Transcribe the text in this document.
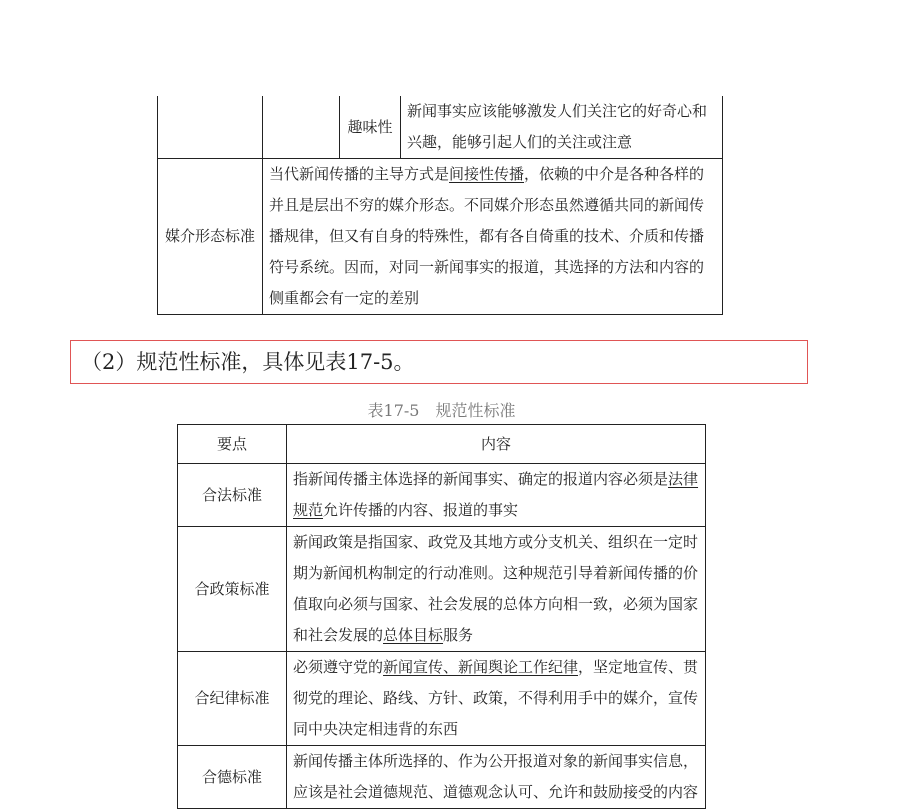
		趣味性	新闻事实应该能够激发人们关注它的好奇心和兴趣，能够引起人们的关注或注意
媒介形态标准	当代新闻传播的主导方式是间接性传播，依赖的中介是各种各样的并且是层出不穷的媒介形态。不同媒介形态虽然遵循共同的新闻传播规律，但又有自身的特殊性，都有各自倚重的技术、介质和传播符号系统。因而，对同一新闻事实的报道，其选择的方法和内容的侧重都会有一定的差别		
（2）规范性标准，具体见表17-5。
表17-5　规范性标准
要点	内容
合法标准	指新闻传播主体选择的新闻事实、确定的报道内容必须是法律规范允许传播的内容、报道的事实
合政策标准	新闻政策是指国家、政党及其地方或分支机关、组织在一定时期为新闻机构制定的行动准则。这种规范引导着新闻传播的价值取向必须与国家、社会发展的总体方向相一致，必须为国家和社会发展的总体目标服务
合纪律标准	必须遵守党的新闻宣传、新闻舆论工作纪律，坚定地宣传、贯彻党的理论、路线、方针、政策，不得利用手中的媒介，宣传同中央决定相违背的东西
合德标准	新闻传播主体所选择的、作为公开报道对象的新闻事实信息，应该是社会道德规范、道德观念认可、允许和鼓励接受的内容
